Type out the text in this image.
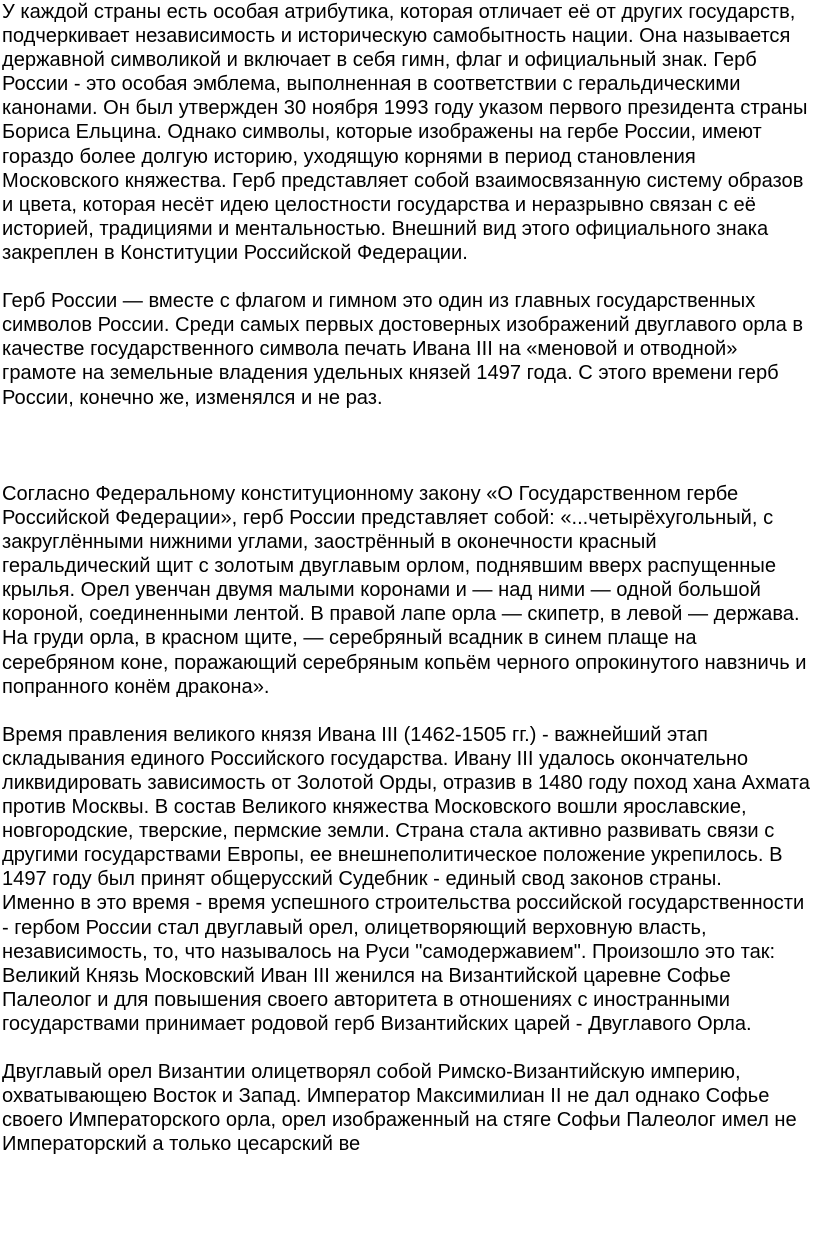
У каждой страны есть особая атрибутика, которая отличает её от других государств, подчеркивает независимость и историческую самобытность нации. Она называется державной символикой и включает в себя гимн, флаг и официальный знак. Герб России - это особая эмблема, выполненная в соответствии с геральдическими канонами. Он был утвержден 30 ноября 1993 году указом первого президента страны Бориса Ельцина. Однако символы, которые изображены на гербе России, имеют гораздо более долгую историю, уходящую корнями в период становления Московского княжества. Герб представляет собой взаимосвязанную систему образов и цвета, которая несёт идею целостности государства и неразрывно связан с её историей, традициями и ментальностью. Внешний вид этого официального знака закреплен в Конституции Российской Федерации.

Герб России — вместе с флагом и гимном это один из главных государственных символов России. Среди самых первых достоверных изображений двуглавого орла в качестве государственного символа печать Ивана III на «меновой и отводной» грамоте на земельные владения удельных князей 1497 года. С этого времени герб России, конечно же, изменялся и не раз.

Согласно Федеральному конституционному закону «О Государственном гербе Российской Федерации», герб России представляет собой: «...четырёхугольный, с закруглёнными нижними углами, заострённый в оконечности красный геральдический щит с золотым двуглавым орлом, поднявшим вверх распущенные крылья. Орел увенчан двумя малыми коронами и — над ними — одной большой короной, соединенными лентой. В правой лапе орла — скипетр, в левой — держава. На груди орла, в красном щите, — серебряный всадник в синем плаще на серебряном коне, поражающий серебряным копьём черного опрокинутого навзничь и попранного конём дракона».

Время правления великого князя Ивана III (1462-1505 гг.) - важнейший этап складывания единого Российского государства. Ивану III удалось окончательно ликвидировать зависимость от Золотой Орды, отразив в 1480 году поход хана Ахмата против Москвы. В состав Великого княжества Московского вошли ярославские, новгородские, тверские, пермские земли. Страна стала активно развивать связи с другими государствами Европы, ее внешнеполитическое положение укрепилось. В 1497 году был принят общерусский Судебник - единый свод законов страны.

Именно в это время - время успешного строительства российской государственности - гербом России стал двуглавый орел, олицетворяющий верховную власть, независимость, то, что называлось на Руси "самодержавием". Произошло это так: Великий Князь Московский Иван III женился на Византийской царевне Софье Палеолог и для повышения своего авторитета в отношениях с иностранными государствами принимает родовой герб Византийских царей - Двуглавого Орла.

Двуглавый орел Византии олицетворял собой Римско-Византийскую империю, охватывающею Восток и Запад. Император Максимилиан II не дал однако Софье своего Императорского орла, орел изображенный на стяге Софьи Палеолог имел не Императорский а только цесарский ве
